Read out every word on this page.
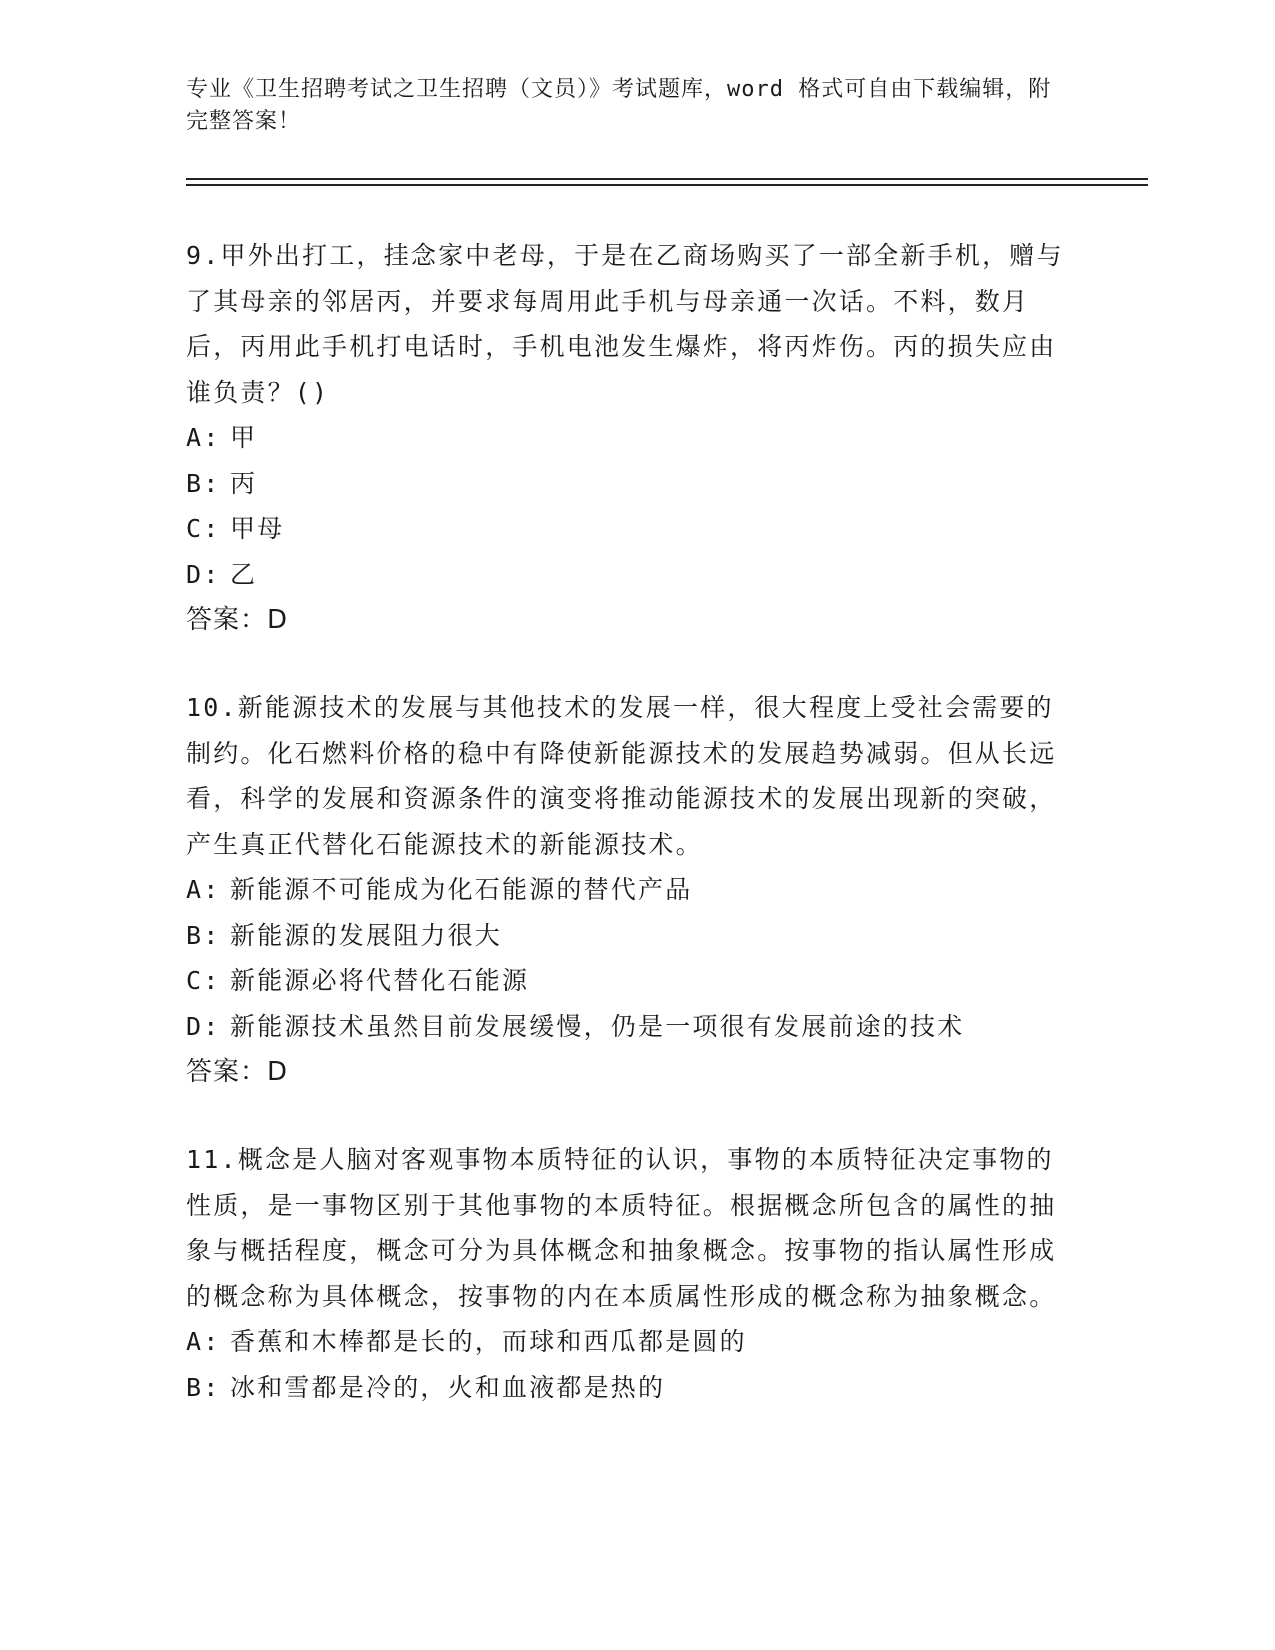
专业《卫生招聘考试之卫生招聘（文员）》考试题库，word 格式可自由下载编辑，附完整答案！

9.甲外出打工，挂念家中老母，于是在乙商场购买了一部全新手机，赠与了其母亲的邻居丙，并要求每周用此手机与母亲通一次话。不料，数月后，丙用此手机打电话时，手机电池发生爆炸，将丙炸伤。丙的损失应由谁负责？()

A: 甲

B: 丙

C: 甲母

D: 乙

答案：D

10.新能源技术的发展与其他技术的发展一样，很大程度上受社会需要的制约。化石燃料价格的稳中有降使新能源技术的发展趋势减弱。但从长远看，科学的发展和资源条件的演变将推动能源技术的发展出现新的突破，产生真正代替化石能源技术的新能源技术。

A: 新能源不可能成为化石能源的替代产品

B: 新能源的发展阻力很大

C: 新能源必将代替化石能源

D: 新能源技术虽然目前发展缓慢，仍是一项很有发展前途的技术

答案：D

11.概念是人脑对客观事物本质特征的认识，事物的本质特征决定事物的性质，是一事物区别于其他事物的本质特征。根据概念所包含的属性的抽象与概括程度，概念可分为具体概念和抽象概念。按事物的指认属性形成的概念称为具体概念，按事物的内在本质属性形成的概念称为抽象概念。

A: 香蕉和木棒都是长的，而球和西瓜都是圆的

B: 冰和雪都是冷的，火和血液都是热的
